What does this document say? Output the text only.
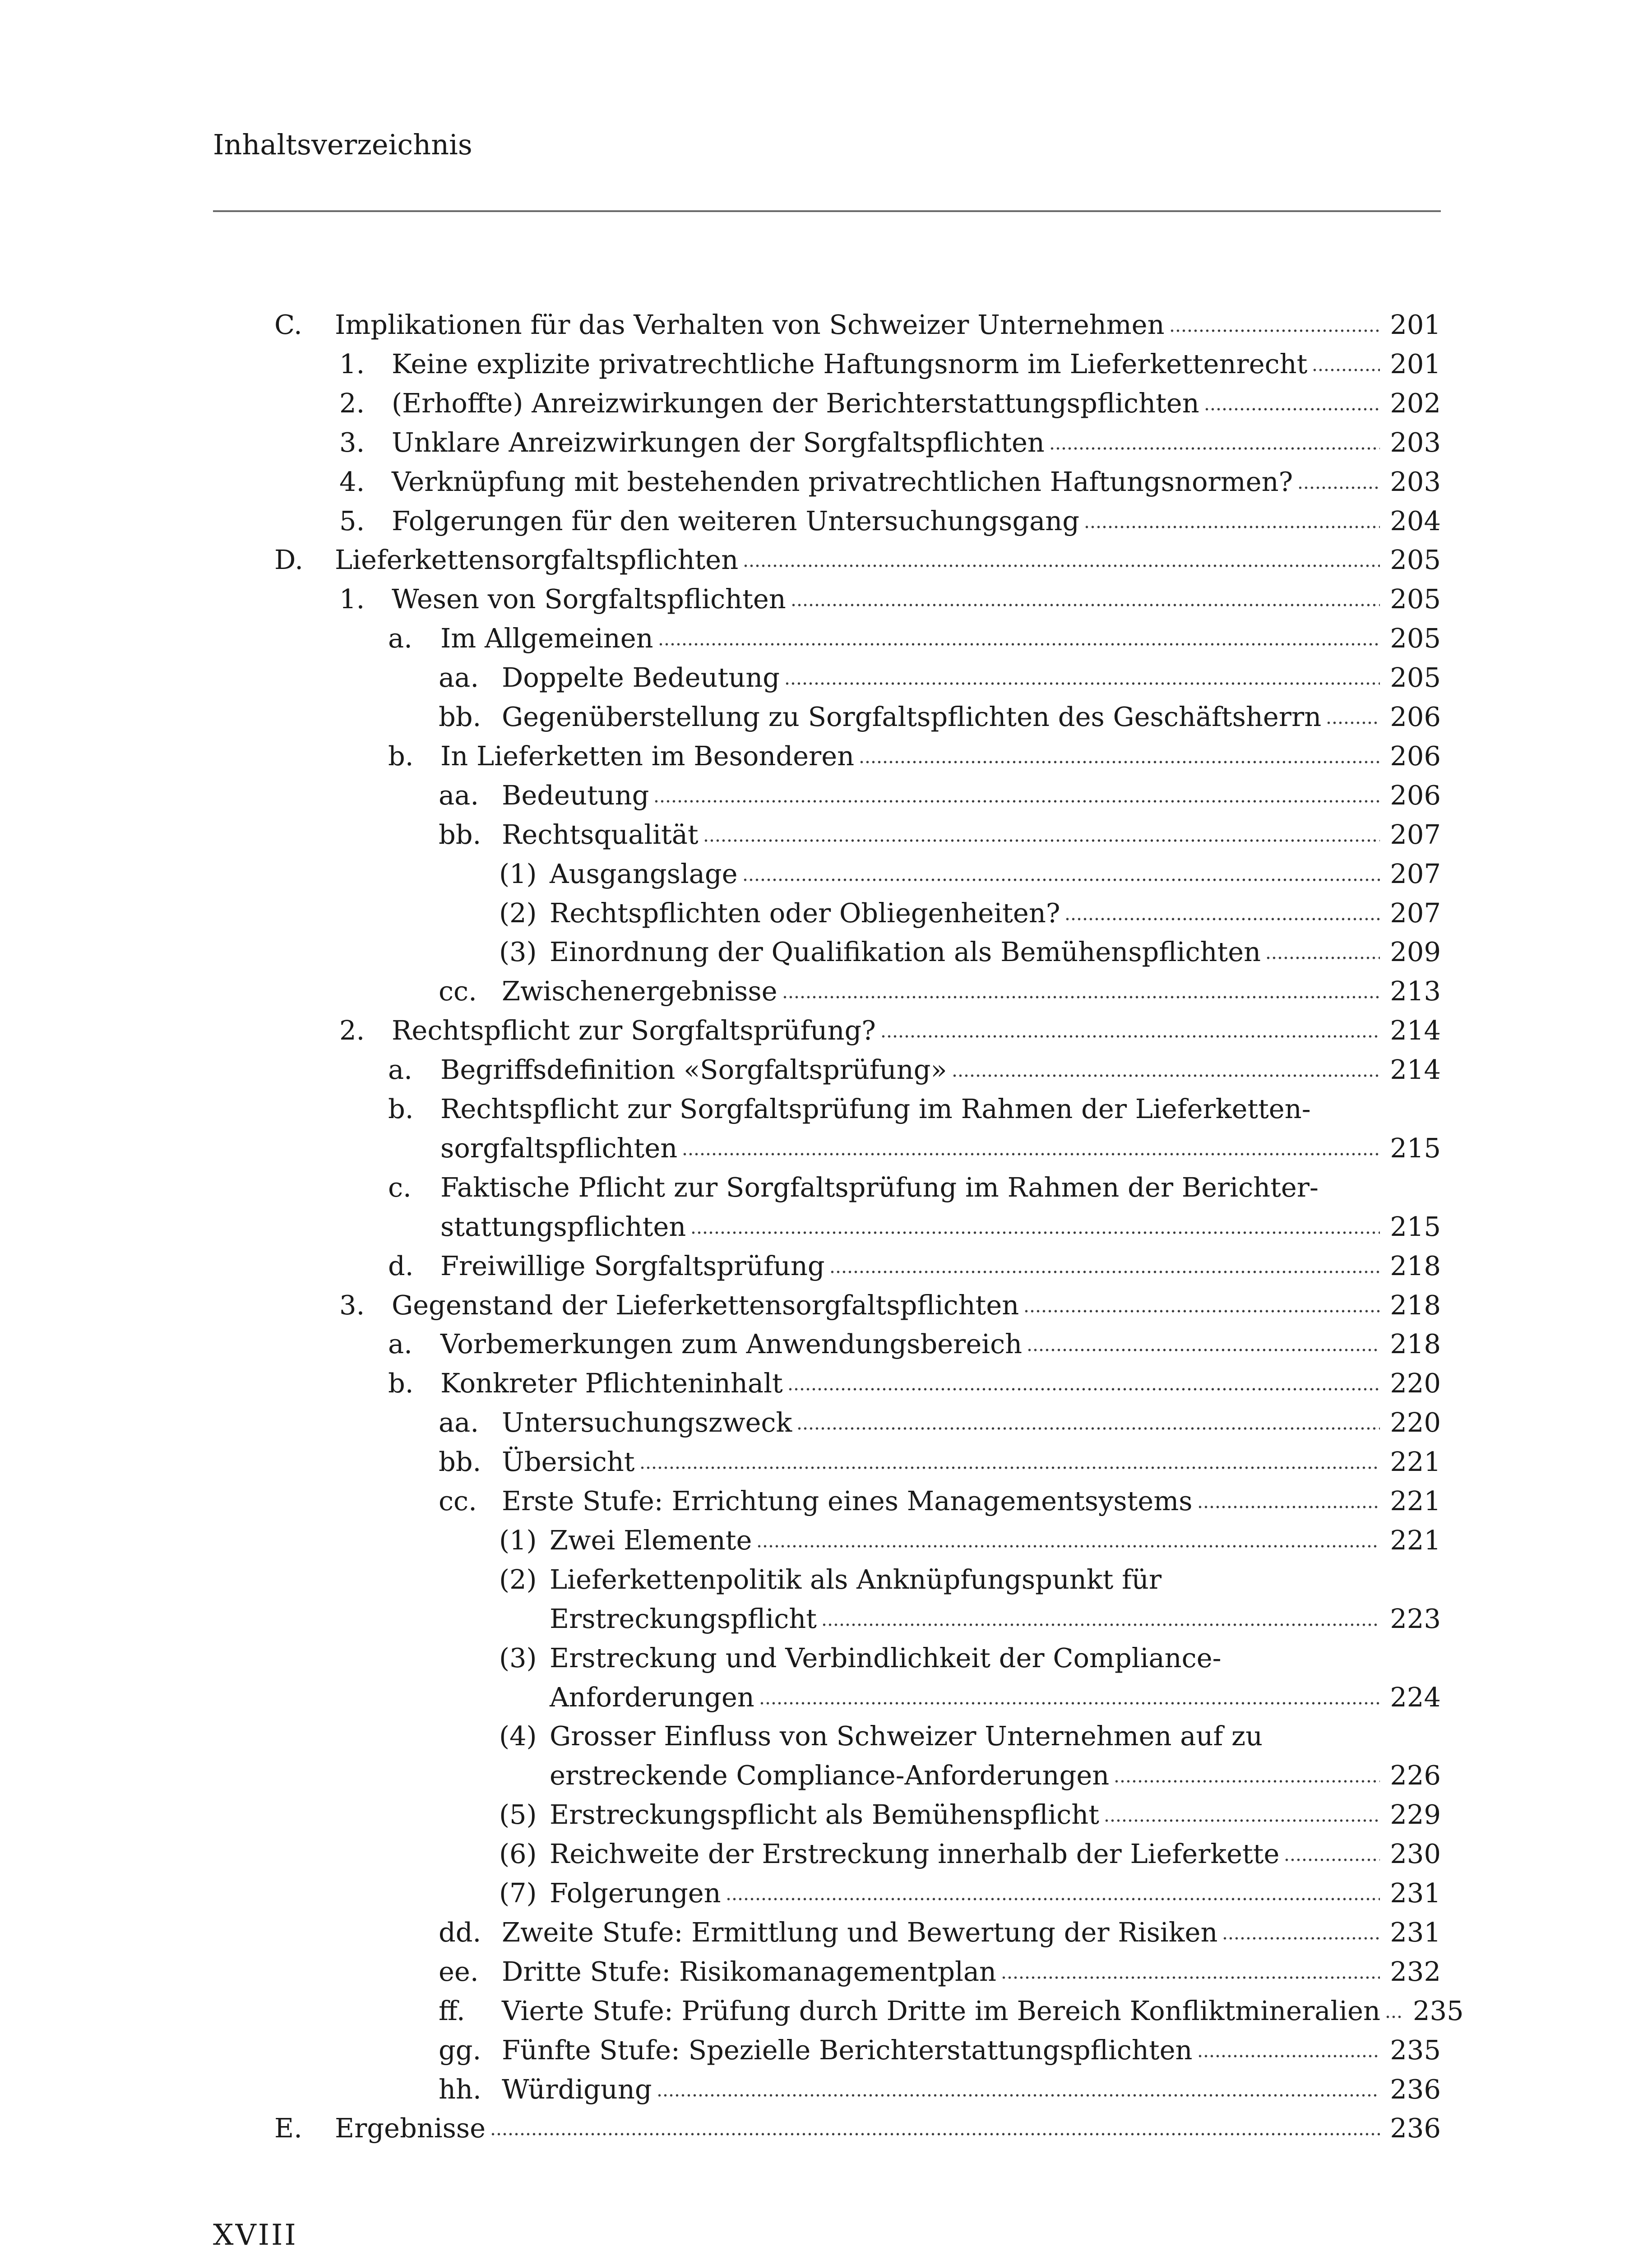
Inhaltsverzeichnis
C. Implikationen für das Verhalten von Schweizer Unternehmen	201
1. Keine explizite privatrechtliche Haftungsnorm im Lieferkettenrecht	201
2. (Erhoffte) Anreizwirkungen der Berichterstattungspflichten	202
3. Unklare Anreizwirkungen der Sorgfaltspflichten	203
4. Verknüpfung mit bestehenden privatrechtlichen Haftungsnormen?	203
5. Folgerungen für den weiteren Untersuchungsgang	204
D. Lieferkettensorgfaltspflichten	205
1. Wesen von Sorgfaltspflichten	205
a. Im Allgemeinen	205
aa. Doppelte Bedeutung	205
bb. Gegenüberstellung zu Sorgfaltspflichten des Geschäftsherrn	206
b. In Lieferketten im Besonderen	206
aa. Bedeutung	206
bb. Rechtsqualität	207
(1) Ausgangslage	207
(2) Rechtspflichten oder Obliegenheiten?	207
(3) Einordnung der Qualifikation als Bemühenspflichten	209
cc. Zwischenergebnisse	213
2. Rechtspflicht zur Sorgfaltsprüfung?	214
a. Begriffsdefinition «Sorgfaltsprüfung»	214
b. Rechtspflicht zur Sorgfaltsprüfung im Rahmen der Lieferketten-
sorgfaltspflichten	215
c. Faktische Pflicht zur Sorgfaltsprüfung im Rahmen der Berichter-
stattungspflichten	215
d. Freiwillige Sorgfaltsprüfung	218
3. Gegenstand der Lieferkettensorgfaltspflichten	218
a. Vorbemerkungen zum Anwendungsbereich	218
b. Konkreter Pflichteninhalt	220
aa. Untersuchungszweck	220
bb. Übersicht	221
cc. Erste Stufe: Errichtung eines Managementsystems	221
(1) Zwei Elemente	221
(2) Lieferkettenpolitik als Anknüpfungspunkt für
Erstreckungspflicht	223
(3) Erstreckung und Verbindlichkeit der Compliance-
Anforderungen	224
(4) Grosser Einfluss von Schweizer Unternehmen auf zu
erstreckende Compliance-Anforderungen	226
(5) Erstreckungspflicht als Bemühenspflicht	229
(6) Reichweite der Erstreckung innerhalb der Lieferkette	230
(7) Folgerungen	231
dd. Zweite Stufe: Ermittlung und Bewertung der Risiken	231
ee. Dritte Stufe: Risikomanagementplan	232
ff. Vierte Stufe: Prüfung durch Dritte im Bereich Konfliktmineralien 235
gg. Fünfte Stufe: Spezielle Berichterstattungspflichten	235
hh. Würdigung	236
E. Ergebnisse	236
XVIII
